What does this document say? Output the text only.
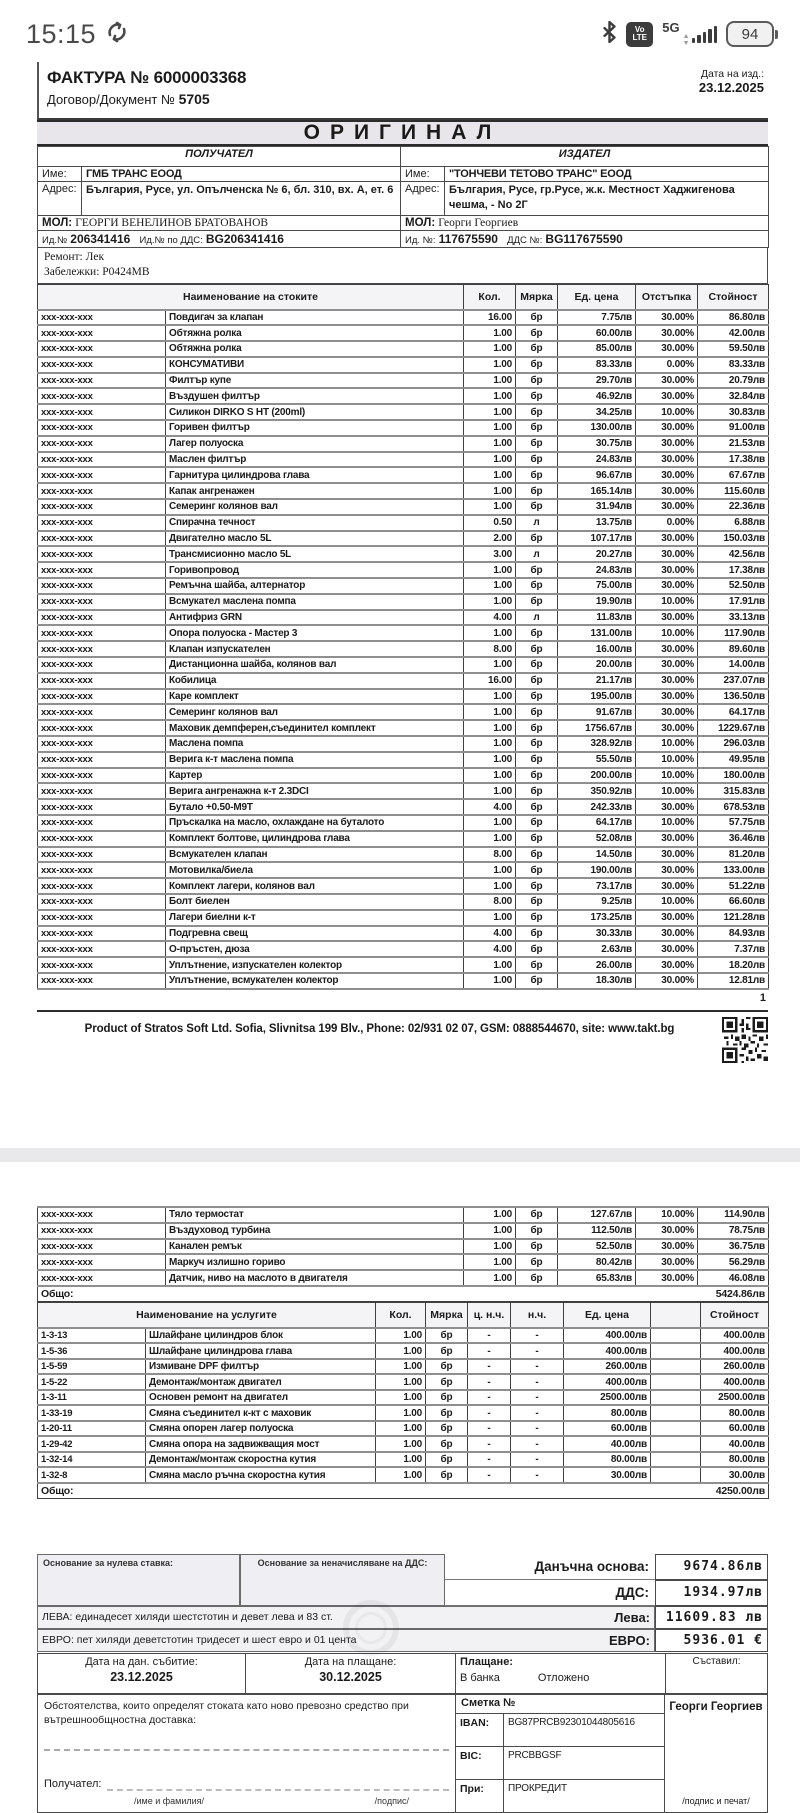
15:15	Vo
LTE
5G
▲
▼
94
ФАКТУРА № 6000003368
Договор/Документ № 5705
Дата на изд.:
23.12.2025
ОРИГИНАЛ
ПОЛУЧАТЕЛ		ИЗДАТЕЛ	
Име:	ГМБ ТРАНС ЕООД	Име:	"ТОНЧЕВИ ТЕТОВО ТРАНС" ЕООД
Адрес:	България, Русе, ул. Опълченска № 6, бл. 310, вх. А, ет. 6	Адрес:	България, Русе, гр.Русе, ж.к. Местност Хаджигенова чешма, - No 2Г
МОЛ: ГЕОРГИ ВЕНЕЛИНОВ БРАТОВАНОВ		МОЛ: Георги Георгиев	
Ид.№ 206341416 Ид.№ по ДДС: BG206341416		Ид. №: 117675590 ДДС №: BG117675590	
Ремонт: Лек
Забележки: Р0424МВ
Наименование на стоките		Кол.	Мярка	Ед. цена	Отстъпка	Стойност
xxx-xxx-xxx	Повдигач за клапан	16.00	бр	7.75лв	30.00%	86.80лв
xxx-xxx-xxx	Обтяжна ролка	1.00	бр	60.00лв	30.00%	42.00лв
xxx-xxx-xxx	Обтяжна ролка	1.00	бр	85.00лв	30.00%	59.50лв
xxx-xxx-xxx	КОНСУМАТИВИ	1.00	бр	83.33лв	0.00%	83.33лв
xxx-xxx-xxx	Филтър купе	1.00	бр	29.70лв	30.00%	20.79лв
xxx-xxx-xxx	Въздушен филтър	1.00	бр	46.92лв	30.00%	32.84лв
xxx-xxx-xxx	Силикон DIRKO S HT (200ml)	1.00	бр	34.25лв	10.00%	30.83лв
xxx-xxx-xxx	Горивен филтър	1.00	бр	130.00лв	30.00%	91.00лв
xxx-xxx-xxx	Лагер полуоска	1.00	бр	30.75лв	30.00%	21.53лв
xxx-xxx-xxx	Маслен филтър	1.00	бр	24.83лв	30.00%	17.38лв
xxx-xxx-xxx	Гарнитура цилиндрова глава	1.00	бр	96.67лв	30.00%	67.67лв
xxx-xxx-xxx	Капак ангренажен	1.00	бр	165.14лв	30.00%	115.60лв
xxx-xxx-xxx	Семеринг колянов вал	1.00	бр	31.94лв	30.00%	22.36лв
xxx-xxx-xxx	Спирачна течност	0.50	л	13.75лв	0.00%	6.88лв
xxx-xxx-xxx	Двигателно масло 5L	2.00	бр	107.17лв	30.00%	150.03лв
xxx-xxx-xxx	Трансмисионно масло 5L	3.00	л	20.27лв	30.00%	42.56лв
xxx-xxx-xxx	Горивопровод	1.00	бр	24.83лв	30.00%	17.38лв
xxx-xxx-xxx	Ремъчна шайба, алтернатор	1.00	бр	75.00лв	30.00%	52.50лв
xxx-xxx-xxx	Всмукател маслена помпа	1.00	бр	19.90лв	10.00%	17.91лв
xxx-xxx-xxx	Антифриз GRN	4.00	л	11.83лв	30.00%	33.13лв
xxx-xxx-xxx	Опора полуоска - Мастер 3	1.00	бр	131.00лв	10.00%	117.90лв
xxx-xxx-xxx	Клапан изпускателен	8.00	бр	16.00лв	30.00%	89.60лв
xxx-xxx-xxx	Дистанционна шайба, колянов вал	1.00	бр	20.00лв	30.00%	14.00лв
xxx-xxx-xxx	Кобилица	16.00	бр	21.17лв	30.00%	237.07лв
xxx-xxx-xxx	Каре комплект	1.00	бр	195.00лв	30.00%	136.50лв
xxx-xxx-xxx	Семеринг колянов вал	1.00	бр	91.67лв	30.00%	64.17лв
xxx-xxx-xxx	Маховик демпферен,съединител комплект	1.00	бр	1756.67лв	30.00%	1229.67лв
xxx-xxx-xxx	Маслена помпа	1.00	бр	328.92лв	10.00%	296.03лв
xxx-xxx-xxx	Верига к-т маслена помпа	1.00	бр	55.50лв	10.00%	49.95лв
xxx-xxx-xxx	Картер	1.00	бр	200.00лв	10.00%	180.00лв
xxx-xxx-xxx	Верига ангренажна к-т 2.3DCI	1.00	бр	350.92лв	10.00%	315.83лв
xxx-xxx-xxx	Бутало +0.50-М9Т	4.00	бр	242.33лв	30.00%	678.53лв
xxx-xxx-xxx	Пръскалка на масло, охлаждане на буталото	1.00	бр	64.17лв	10.00%	57.75лв
xxx-xxx-xxx	Комплект болтове, цилиндрова глава	1.00	бр	52.08лв	30.00%	36.46лв
xxx-xxx-xxx	Всмукателен клапан	8.00	бр	14.50лв	30.00%	81.20лв
xxx-xxx-xxx	Мотовилка/биела	1.00	бр	190.00лв	30.00%	133.00лв
xxx-xxx-xxx	Комплект лагери, колянов вал	1.00	бр	73.17лв	30.00%	51.22лв
xxx-xxx-xxx	Болт биелен	8.00	бр	9.25лв	10.00%	66.60лв
xxx-xxx-xxx	Лагери биелни к-т	1.00	бр	173.25лв	30.00%	121.28лв
xxx-xxx-xxx	Подгревна свещ	4.00	бр	30.33лв	30.00%	84.93лв
xxx-xxx-xxx	О-пръстен, дюза	4.00	бр	2.63лв	30.00%	7.37лв
xxx-xxx-xxx	Уплътнение, изпускателен колектор	1.00	бр	26.00лв	30.00%	18.20лв
xxx-xxx-xxx	Уплътнение, всмукателен колектор	1.00	бр	18.30лв	30.00%	12.81лв
1
Product of Stratos Soft Ltd. Sofia, Slivnitsa 199 Blv., Phone: 02/931 02 07, GSM: 0888544670, site: www.takt.bg
xxx-xxx-xxx	Тяло термостат	1.00	бр	127.67лв	10.00%	114.90лв
xxx-xxx-xxx	Въздуховод турбина	1.00	бр	112.50лв	30.00%	78.75лв
xxx-xxx-xxx	Канален ремък	1.00	бр	52.50лв	30.00%	36.75лв
xxx-xxx-xxx	Маркуч излишно гориво	1.00	бр	80.42лв	30.00%	56.29лв
xxx-xxx-xxx	Датчик, ниво на маслото в двигателя	1.00	бр	65.83лв	30.00%	46.08лв
Общо:						5424.86лв
Наименование на услугите		Кол.	Мярка	ц. н.ч.	н.ч.	Ед. цена		Стойност
1-3-13	Шлайфане цилиндров блок	1.00	бр	-	-	400.00лв		400.00лв
1-5-36	Шлайфане цилиндрова глава	1.00	бр	-	-	400.00лв		400.00лв
1-5-59	Измиване DPF филтър	1.00	бр	-	-	260.00лв		260.00лв
1-5-22	Демонтаж/монтаж двигател	1.00	бр	-	-	400.00лв		400.00лв
1-3-11	Основен ремонт на двигател	1.00	бр	-	-	2500.00лв		2500.00лв
1-33-19	Смяна съединител к-кт с маховик	1.00	бр	-	-	80.00лв		80.00лв
1-20-11	Смяна опорен лагер полуоска	1.00	бр	-	-	60.00лв		60.00лв
1-29-42	Смяна опора на задвижващия мост	1.00	бр	-	-	40.00лв		40.00лв
1-32-14	Демонтаж/монтаж скоростна кутия	1.00	бр	-	-	80.00лв		80.00лв
1-32-8	Смяна масло ръчна скоростна кутия	1.00	бр	-	-	30.00лв		30.00лв
Общо:								4250.00лв
Основание за нулева ставка:	Основание за неначисляване на ДДС:	Данъчна основа:	9674.86лв
ДДС:	1934.97лв
ЛЕВА: единадесет хиляди шестстотин и девет лева и 83 ст.	Лева:	11609.83 лв
ЕВРО: пет хиляди деветстотин тридесет и шест евро и 01 цента	ЕВРО:	5936.01 €
Дата на дан. събитие:
23.12.2025
Дата на плащане:
30.12.2025
Плащане:
В банка	Отложено
Съставил:
Обстоятелства, които определят стоката като ново превозно средство при вътрешнообщностна доставка:
Получател:
/име и фамилия/	/подпис/
Сметка №
IBAN:	BG87PRCB92301044805616
BIC:	PRCBBGSF
При:	ПРОКРЕДИТ
Георги Георгиев
/подпис и печат/
